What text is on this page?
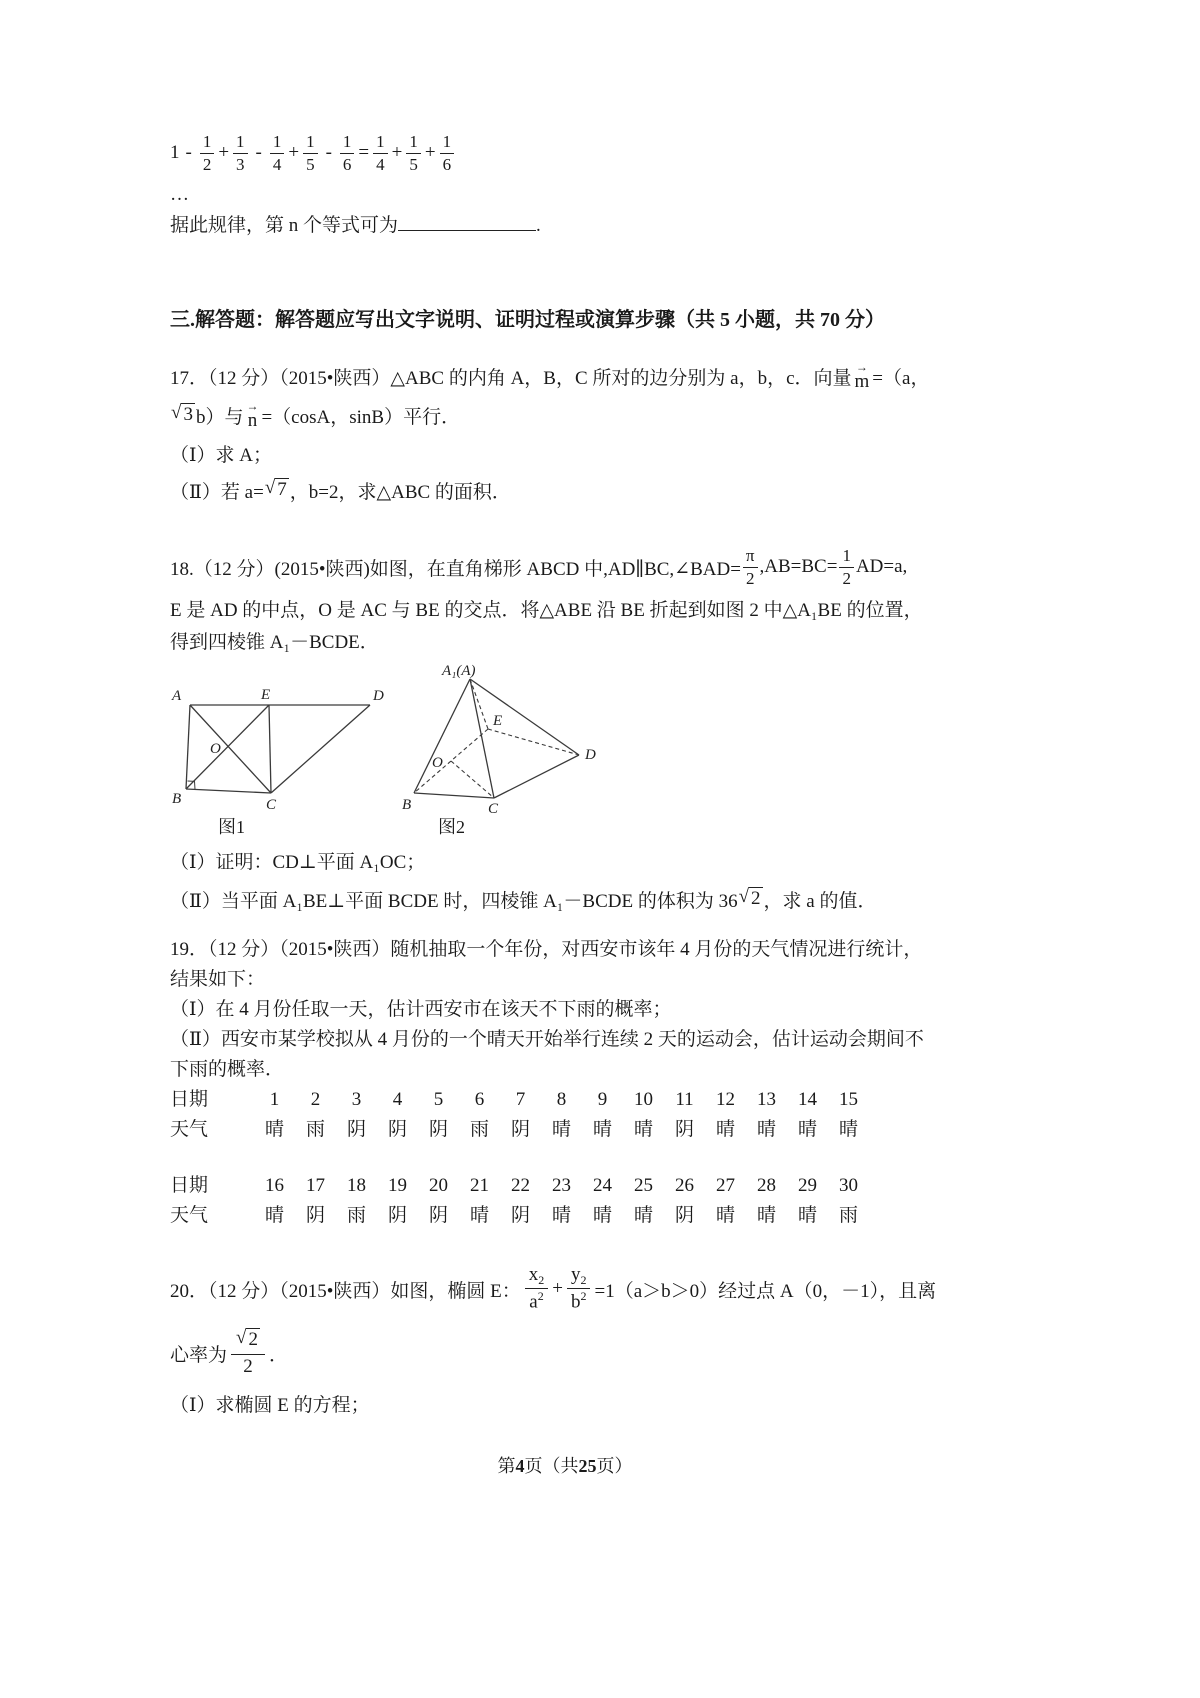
$1 - \frac{1}{2} + \frac{1}{3} - \frac{1}{4} + \frac{1}{5} - \frac{1}{6} = \frac{1}{4} + \frac{1}{5} + \frac{1}{6}$
…
据此规律，第 n 个等式可为	.
三.解答题：解答题应写出文字说明、证明过程或演算步骤（共 5 小题，共 70 分）
17．（12 分）（2015•陕西）△ABC 的内角 A，B，C 所对的边分别为 a，b，c．向量
→
m =（a，
√ 3 b）与
→
n =（cosA，sinB）平行．
（Ⅰ）求 A；
（Ⅱ）若 a= √ 7 ，b=2，求△ABC 的面积．
18.（12 分）(2015•陕西)如图，在直角梯形 ABCD 中,AD∥BC,∠BAD= $\frac{\pi}{2} ,AB=BC= \frac{1}{2} AD=a$,
E 是 AD 的中点，O 是 AC 与 BE 的交点．将△ABE 沿 BE 折起到如图 2 中△A₁BE 的位置，
得到四棱锥 A₁－BCDE．
A	E	D
B	C
O
图1
A₁(A)
E
D
O
B	C
图2
（Ⅰ）证明：CD⊥平面 A₁OC；
（Ⅱ）当平面 A₁BE⊥平面 BCDE 时，四棱锥 A₁－BCDE 的体积为 36 √ 2 ，求 a 的值．
19．（12 分）（2015•陕西）随机抽取一个年份，对西安市该年 4 月份的天气情况进行统计，
结果如下：
（Ⅰ）在 4 月份任取一天，估计西安市在该天不下雨的概率；
（Ⅱ）西安市某学校拟从 4 月份的一个晴天开始举行连续 2 天的运动会，估计运动会期间不
下雨的概率．
日期	1	2	3	4	5	6	7	8	9	10	11	12	13	14	15
天气	晴	雨	阴	阴	阴	雨	阴	晴	晴	晴	阴	晴	晴	晴	晴
日期	16	17	18	19	20	21	22	23	24	25	26	27	28	29	30
天气	晴	阴	雨	阴	阴	晴	阴	晴	晴	晴	阴	晴	晴	晴	雨
20．（12 分）（2015•陕西）如图，椭圆 E： $\frac{x_2}{a^2} + \frac{y_2}{b^2} =1(a>b>0)$经过点 A（0，－1），且离
心率为 $\frac{√ 2}{2}$ ．
（Ⅰ）求椭圆 E 的方程；
第4页（共25页）
